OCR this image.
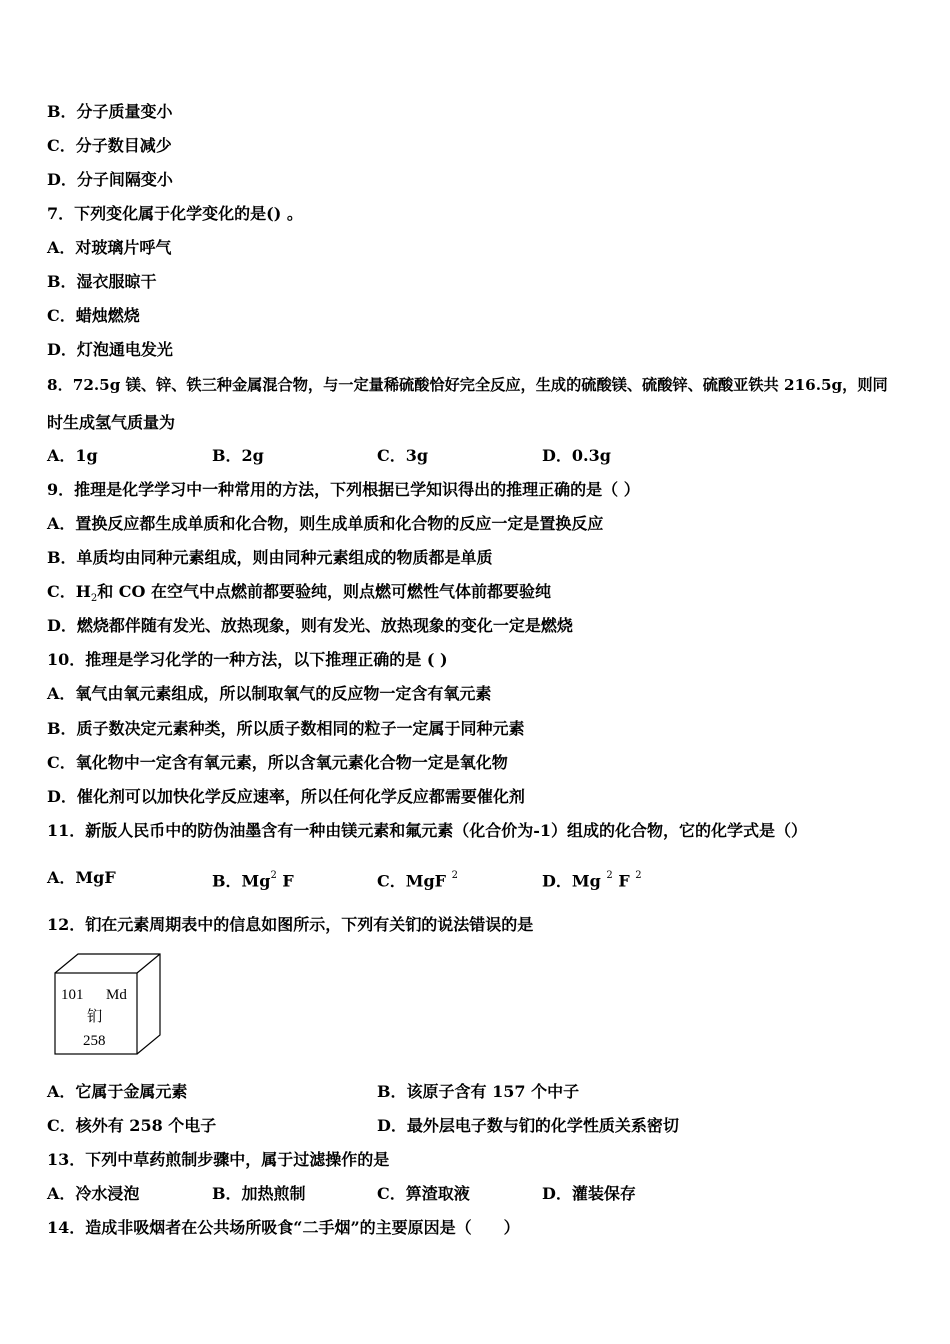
B．分子质量变小
C．分子数目减少
D．分子间隔变小
7．下列变化属于化学变化的是() 。
A．对玻璃片呼气
B．湿衣服晾干
C．蜡烛燃烧
D．灯泡通电发光
8．72.5g 镁、锌、铁三种金属混合物，与一定量稀硫酸恰好完全反应，生成的硫酸镁、硫酸锌、硫酸亚铁共 216.5g，则同
时生成氢气质量为
A．1g	B．2g	C．3g	D．0.3g
9．推理是化学学习中一种常用的方法，下列根据已学知识得出的推理正确的是（ ）
A．置换反应都生成单质和化合物，则生成单质和化合物的反应一定是置换反应
B．单质均由同种元素组成，则由同种元素组成的物质都是单质
C．$H_2$和 CO 在空气中点燃前都要验纯，则点燃可燃性气体前都要验纯
D．燃烧都伴随有发光、放热现象，则有发光、放热现象的变化一定是燃烧
10．推理是学习化学的一种方法，以下推理正确的是 ( )
A．氧气由氧元素组成，所以制取氧气的反应物一定含有氧元素
B．质子数决定元素种类，所以质子数相同的粒子一定属于同种元素
C．氧化物中一定含有氧元素，所以含氧元素化合物一定是氧化物
D．催化剂可以加快化学反应速率，所以任何化学反应都需要催化剂
11．新版人民币中的防伪油墨含有一种由镁元素和氟元素（化合价为-1）组成的化合物，它的化学式是（）
A．MgF	B．Mg$^2$ F	C．MgF $^2$	D．Mg $^2$ F $^2$
12．钔在元素周期表中的信息如图所示，下列有关钔的说法错误的是
101 Md
钔
258
A．它属于金属元素	B．该原子含有 157 个中子
C．核外有 258 个电子	D．最外层电子数与钔的化学性质关系密切
13．下列中草药煎制步骤中，属于过滤操作的是
A．冷水浸泡	B．加热煎制	C．箅渣取液	D．灌装保存
14．造成非吸烟者在公共场所吸食“二手烟”的主要原因是（　　）
